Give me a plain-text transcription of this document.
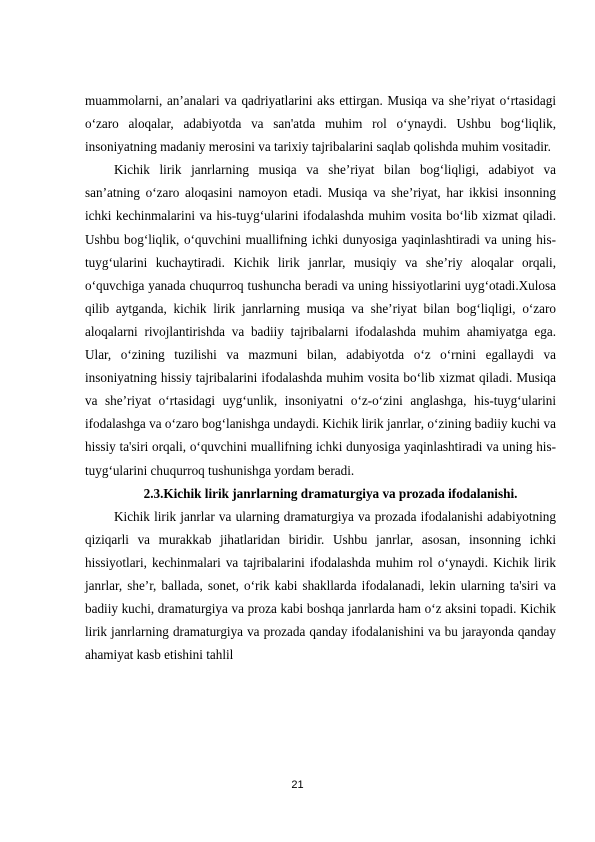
muammolarni, an’analari va qadriyatlarini aks ettirgan. Musiqa va she’riyat o‘rtasidagi o‘zaro aloqalar, adabiyotda va san'atda muhim rol o‘ynaydi. Ushbu bog‘liqlik, insoniyatning madaniy merosini va tarixiy tajribalarini saqlab qolishda muhim vositadir.

Kichik lirik janrlarning musiqa va she’riyat bilan bog‘liqligi, adabiyot va san’atning o‘zaro aloqasini namoyon etadi. Musiqa va she’riyat, har ikkisi insonning ichki kechinmalarini va his-tuyg‘ularini ifodalashda muhim vosita bo‘lib xizmat qiladi. Ushbu bog‘liqlik, o‘quvchini muallifning ichki dunyosiga yaqinlashtiradi va uning his-tuyg‘ularini kuchaytiradi. Kichik lirik janrlar, musiqiy va she’riy aloqalar orqali, o‘quvchiga yanada chuqurroq tushuncha beradi va uning hissiyotlarini uyg‘otadi.Xulosa qilib aytganda, kichik lirik janrlarning musiqa va she’riyat bilan bog‘liqligi, o‘zaro aloqalarni rivojlantirishda va badiiy tajribalarni ifodalashda muhim ahamiyatga ega. Ular, o‘zining tuzilishi va mazmuni bilan, adabiyotda o‘z o‘rnini egallaydi va insoniyatning hissiy tajribalarini ifodalashda muhim vosita bo‘lib xizmat qiladi. Musiqa va she’riyat o‘rtasidagi uyg‘unlik, insoniyatni o‘z-o‘zini anglashga, his-tuyg‘ularini ifodalashga va o‘zaro bog‘lanishga undaydi. Kichik lirik janrlar, o‘zining badiiy kuchi va hissiy ta'siri orqali, o‘quvchini muallifning ichki dunyosiga yaqinlashtiradi va uning his-tuyg‘ularini chuqurroq tushunishga yordam beradi.

2.3.Kichik lirik janrlarning dramaturgiya va prozada ifodalanishi.

Kichik lirik janrlar va ularning dramaturgiya va prozada ifodalanishi adabiyotning qiziqarli va murakkab jihatlaridan biridir. Ushbu janrlar, asosan, insonning ichki hissiyotlari, kechinmalari va tajribalarini ifodalashda muhim rol o‘ynaydi. Kichik lirik janrlar, she’r, ballada, sonet, o‘rik kabi shakllarda ifodalanadi, lekin ularning ta'siri va badiiy kuchi, dramaturgiya va proza kabi boshqa janrlarda ham o‘z aksini topadi. Kichik lirik janrlarning dramaturgiya va prozada qanday ifodalanishini va bu jarayonda qanday ahamiyat kasb etishini tahlil

21
